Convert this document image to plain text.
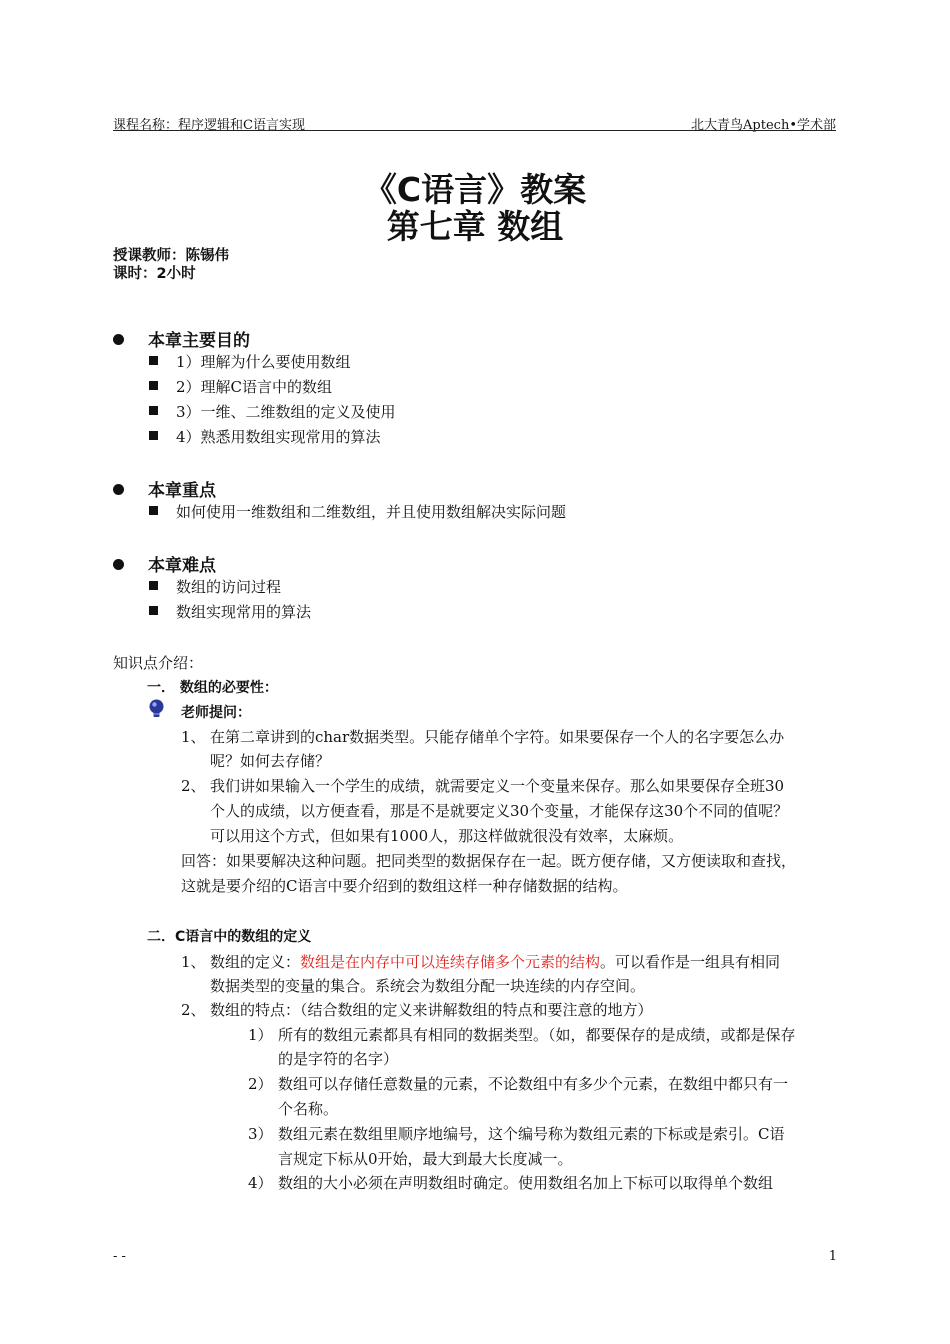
课程名称：程序逻辑和C语言实现	北大青鸟Aptech•学术部
《C语言》教案
第七章 数组
授课教师：陈锡伟
课时：2小时
本章主要目的
1）理解为什么要使用数组
2）理解C语言中的数组
3）一维、二维数组的定义及使用
4）熟悉用数组实现常用的算法
本章重点
如何使用一维数组和二维数组，并且使用数组解决实际问题
本章难点
数组的访问过程
数组实现常用的算法
知识点介绍：
一． 数组的必要性：
老师提问：
1、 在第二章讲到的char数据类型。只能存储单个字符。如果要保存一个人的名字要怎么办
呢？如何去存储？
2、 我们讲如果输入一个学生的成绩，就需要定义一个变量来保存。那么如果要保存全班30
个人的成绩，以方便查看，那是不是就要定义30个变量，才能保存这30个不同的值呢？
可以用这个方式，但如果有1000人，那这样做就很没有效率，太麻烦。
回答：如果要解决这种问题。把同类型的数据保存在一起。既方便存储，又方便读取和查找，
这就是要介绍的C语言中要介绍到的数组这样一种存储数据的结构。
二．C语言中的数组的定义
1、 数组的定义：数组是在内存中可以连续存储多个元素的结构。可以看作是一组具有相同
数据类型的变量的集合。系统会为数组分配一块连续的内存空间。
2、 数组的特点：（结合数组的定义来讲解数组的特点和要注意的地方）
1） 所有的数组元素都具有相同的数据类型。（如，都要保存的是成绩，或都是保存
的是字符的名字）
2） 数组可以存储任意数量的元素，不论数组中有多少个元素，在数组中都只有一
个名称。
3） 数组元素在数组里顺序地编号，这个编号称为数组元素的下标或是索引。C语
言规定下标从0开始，最大到最大长度减一。
4） 数组的大小必须在声明数组时确定。使用数组名加上下标可以取得单个数组
- -	1
